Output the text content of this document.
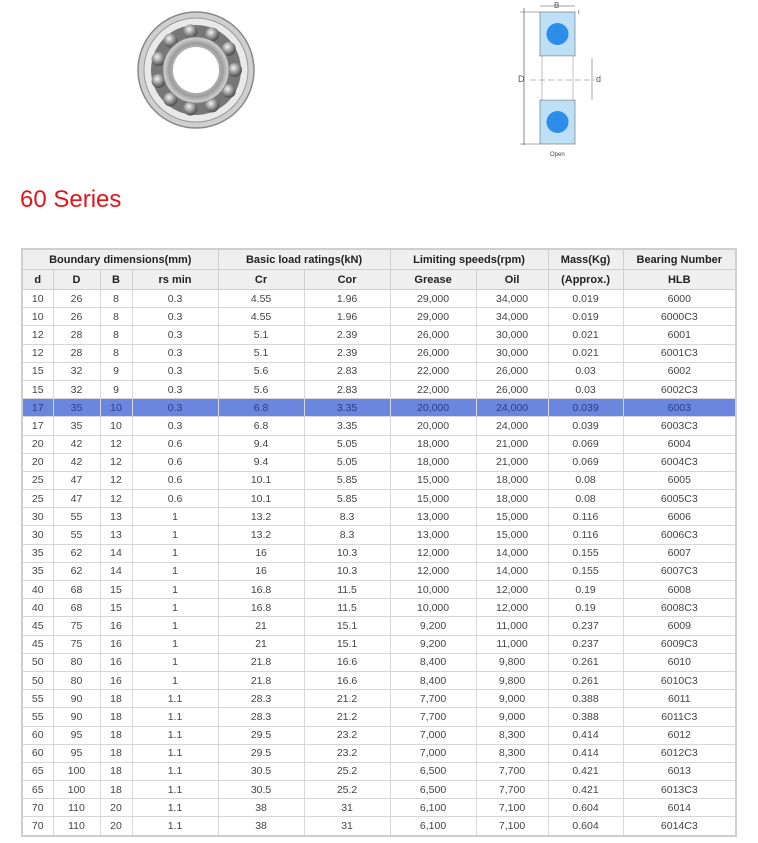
B
D	d
r
Open
60 Series
Boundary dimensions(mm)				Basic load ratings(kN)		Limiting speeds(rpm)		Mass(Kg)	Bearing Number
d	D	B	rs min	Cr	Cor	Grease	Oil	(Approx.)	HLB
10	26	8	0.3	4.55	1.96	29,000	34,000	0.019	6000
10	26	8	0.3	4.55	1.96	29,000	34,000	0.019	6000C3
12	28	8	0.3	5.1	2.39	26,000	30,000	0.021	6001
12	28	8	0.3	5.1	2.39	26,000	30,000	0.021	6001C3
15	32	9	0.3	5.6	2.83	22,000	26,000	0.03	6002
15	32	9	0.3	5.6	2.83	22,000	26,000	0.03	6002C3
17	35	10	0.3	6.8	3.35	20,000	24,000	0.039	6003
17	35	10	0.3	6.8	3.35	20,000	24,000	0.039	6003C3
20	42	12	0.6	9.4	5.05	18,000	21,000	0.069	6004
20	42	12	0.6	9.4	5.05	18,000	21,000	0.069	6004C3
25	47	12	0.6	10.1	5.85	15,000	18,000	0.08	6005
25	47	12	0.6	10.1	5.85	15,000	18,000	0.08	6005C3
30	55	13	1	13.2	8.3	13,000	15,000	0.116	6006
30	55	13	1	13.2	8.3	13,000	15,000	0.116	6006C3
35	62	14	1	16	10.3	12,000	14,000	0.155	6007
35	62	14	1	16	10.3	12,000	14,000	0.155	6007C3
40	68	15	1	16.8	11.5	10,000	12,000	0.19	6008
40	68	15	1	16.8	11.5	10,000	12,000	0.19	6008C3
45	75	16	1	21	15.1	9,200	11,000	0.237	6009
45	75	16	1	21	15.1	9,200	11,000	0.237	6009C3
50	80	16	1	21.8	16.6	8,400	9,800	0.261	6010
50	80	16	1	21.8	16.6	8,400	9,800	0.261	6010C3
55	90	18	1.1	28.3	21.2	7,700	9,000	0.388	6011
55	90	18	1.1	28.3	21.2	7,700	9,000	0.388	6011C3
60	95	18	1.1	29.5	23.2	7,000	8,300	0.414	6012
60	95	18	1.1	29.5	23.2	7,000	8,300	0.414	6012C3
65	100	18	1.1	30.5	25.2	6,500	7,700	0.421	6013
65	100	18	1.1	30.5	25.2	6,500	7,700	0.421	6013C3
70	110	20	1.1	38	31	6,100	7,100	0.604	6014
70	110	20	1.1	38	31	6,100	7,100	0.604	6014C3
